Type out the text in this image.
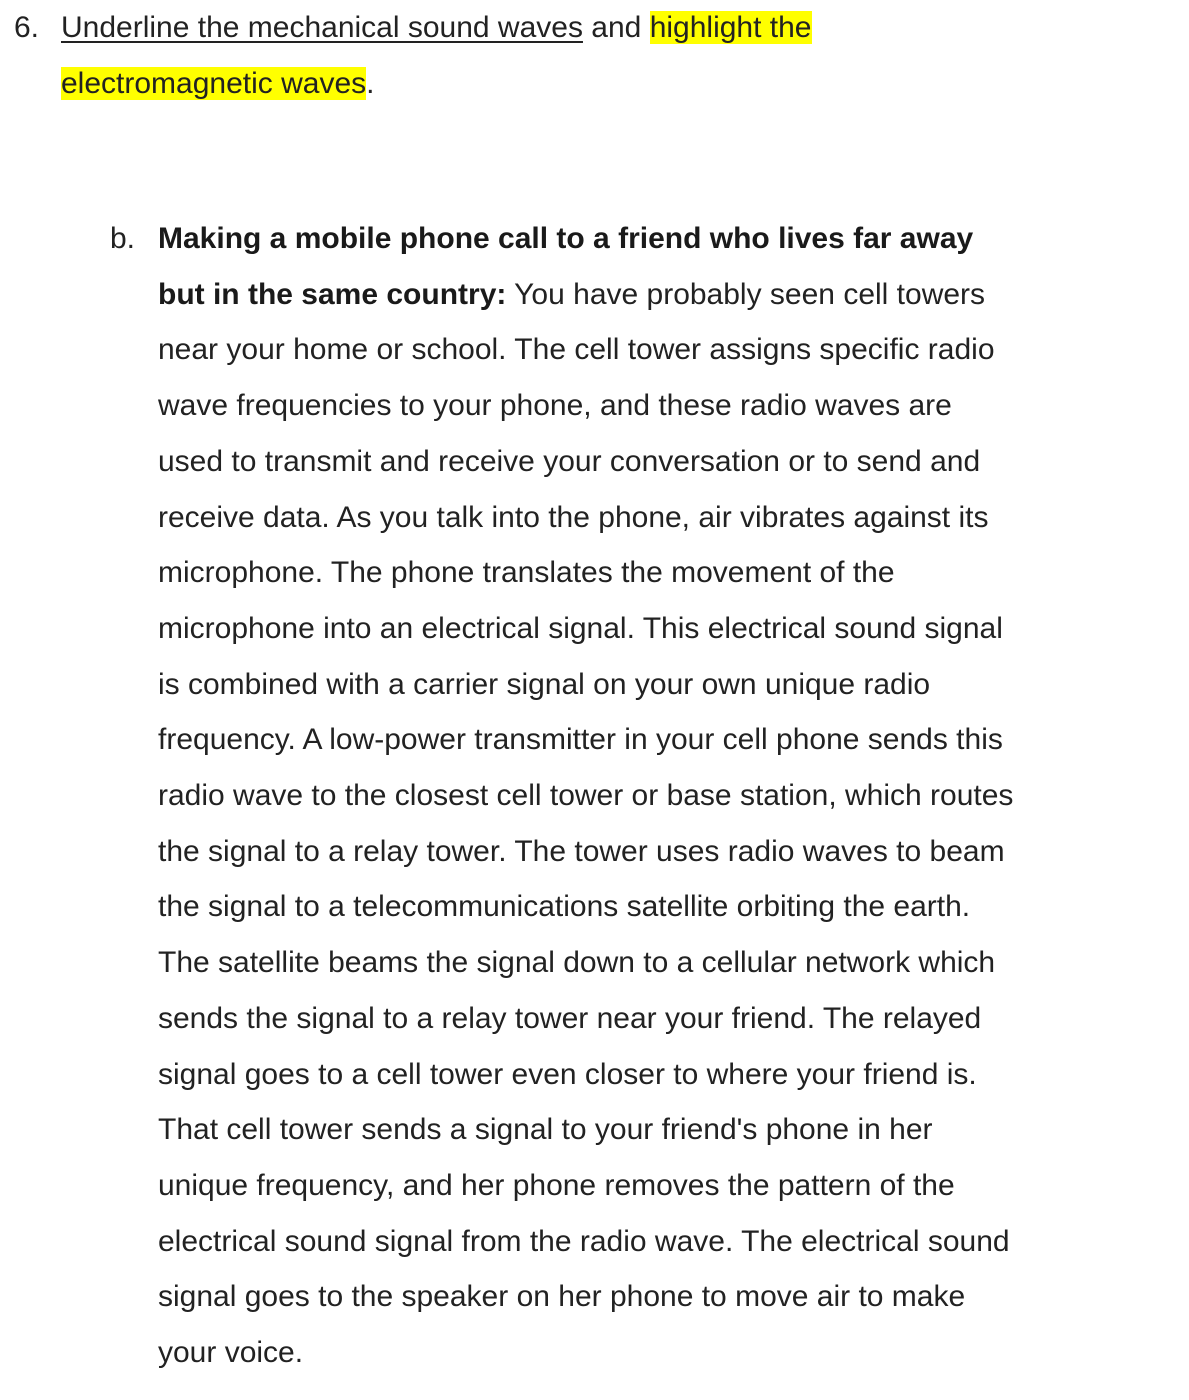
6. Underline the mechanical sound waves and highlight the
electromagnetic waves.
b. Making a mobile phone call to a friend who lives far away
but in the same country: You have probably seen cell towers
near your home or school. The cell tower assigns specific radio
wave frequencies to your phone, and these radio waves are
used to transmit and receive your conversation or to send and
receive data. As you talk into the phone, air vibrates against its
microphone. The phone translates the movement of the
microphone into an electrical signal. This electrical sound signal
is combined with a carrier signal on your own unique radio
frequency. A low-power transmitter in your cell phone sends this
radio wave to the closest cell tower or base station, which routes
the signal to a relay tower. The tower uses radio waves to beam
the signal to a telecommunications satellite orbiting the earth.
The satellite beams the signal down to a cellular network which
sends the signal to a relay tower near your friend. The relayed
signal goes to a cell tower even closer to where your friend is.
That cell tower sends a signal to your friend's phone in her
unique frequency, and her phone removes the pattern of the
electrical sound signal from the radio wave. The electrical sound
signal goes to the speaker on her phone to move air to make
your voice.
